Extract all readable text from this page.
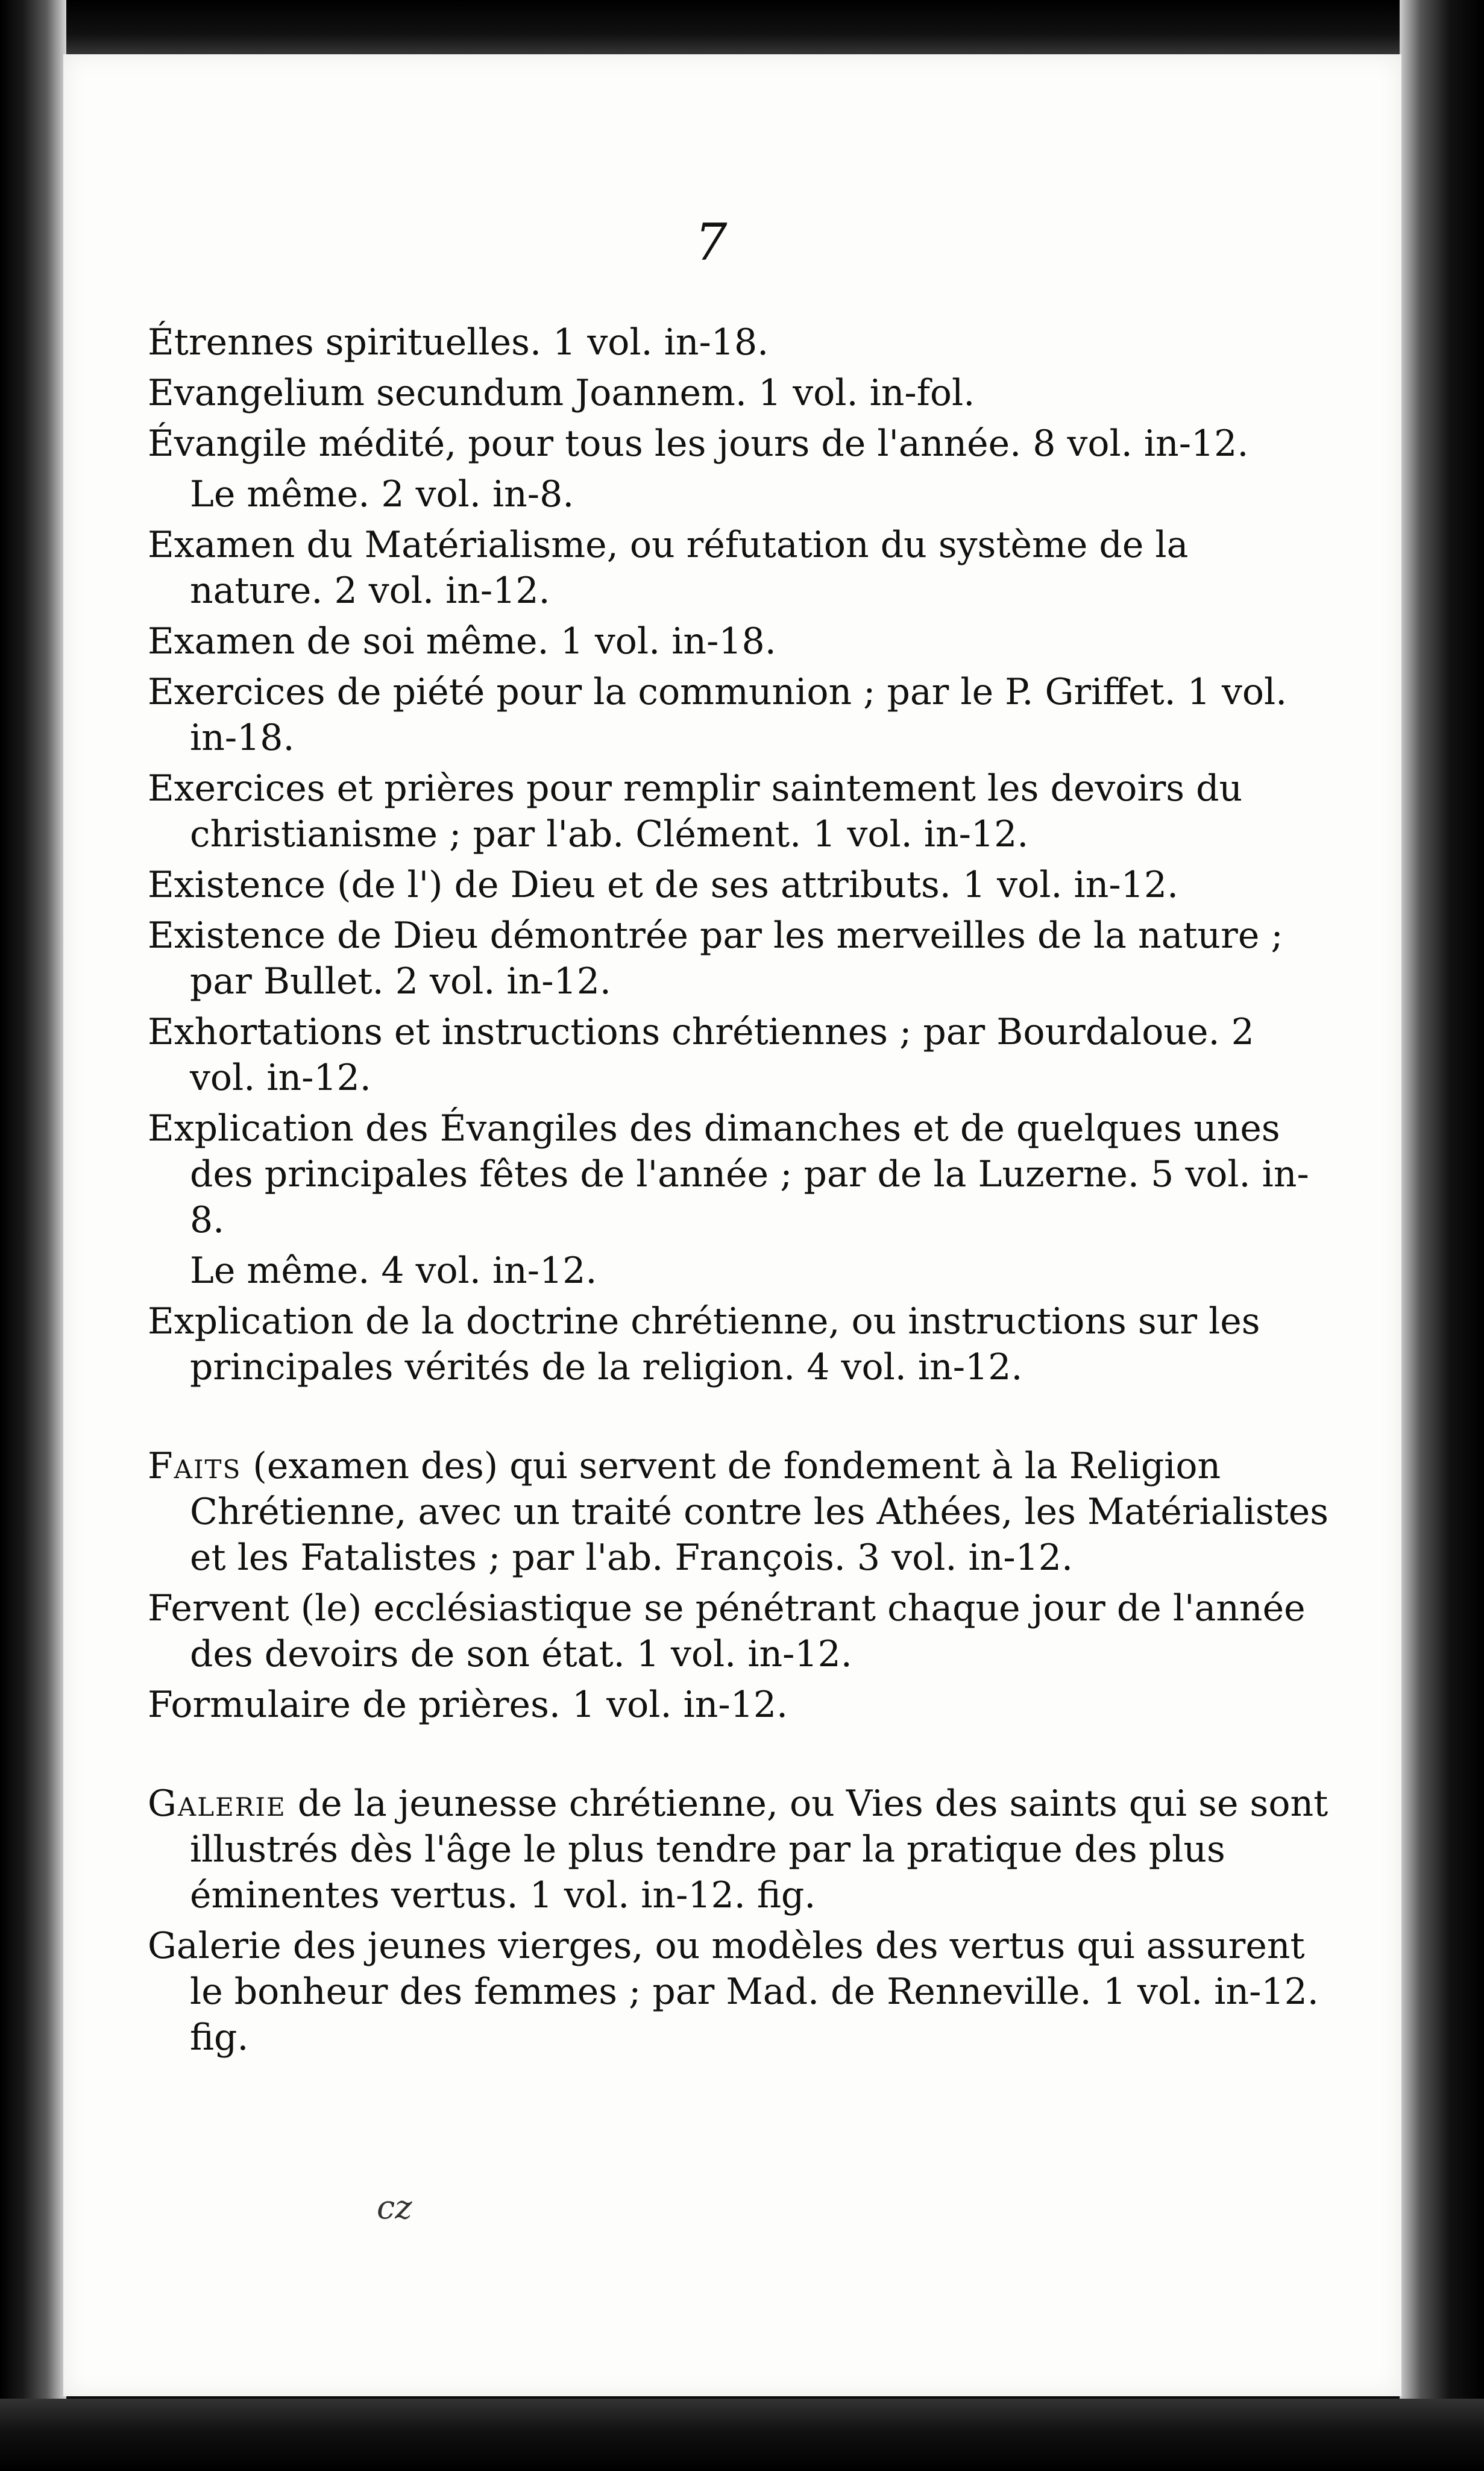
7

Étrennes spirituelles. 1 vol. in-18.

Evangelium secundum Joannem. 1 vol. in-fol.

Évangile médité, pour tous les jours de l'année. 8 vol. in-12.

Le même. 2 vol. in-8.

Examen du Matérialisme, ou réfutation du système de la nature. 2 vol. in-12.

Examen de soi même. 1 vol. in-18.

Exercices de piété pour la communion ; par le P. Griffet. 1 vol. in-18.

Exercices et prières pour remplir saintement les devoirs du christianisme ; par l'ab. Clément. 1 vol. in-12.

Existence (de l') de Dieu et de ses attributs. 1 vol. in-12.

Existence de Dieu démontrée par les merveilles de la nature ; par Bullet. 2 vol. in-12.

Exhortations et instructions chrétiennes ; par Bourdaloue. 2 vol. in-12.

Explication des Évangiles des dimanches et de quelques unes des principales fêtes de l'année ; par de la Luzerne. 5 vol. in-8.

Le même. 4 vol. in-12.

Explication de la doctrine chrétienne, ou instructions sur les principales vérités de la religion. 4 vol. in-12.

Faits (examen des) qui servent de fondement à la Religion Chrétienne, avec un traité contre les Athées, les Matérialistes et les Fatalistes ; par l'ab. François. 3 vol. in-12.

Fervent (le) ecclésiastique se pénétrant chaque jour de l'année des devoirs de son état. 1 vol. in-12.

Formulaire de prières. 1 vol. in-12.

Galerie de la jeunesse chrétienne, ou Vies des saints qui se sont illustrés dès l'âge le plus tendre par la pratique des plus éminentes vertus. 1 vol. in-12. fig.

Galerie des jeunes vierges, ou modèles des vertus qui assurent le bonheur des femmes ; par Mad. de Renneville. 1 vol. in-12. fig.

cz
